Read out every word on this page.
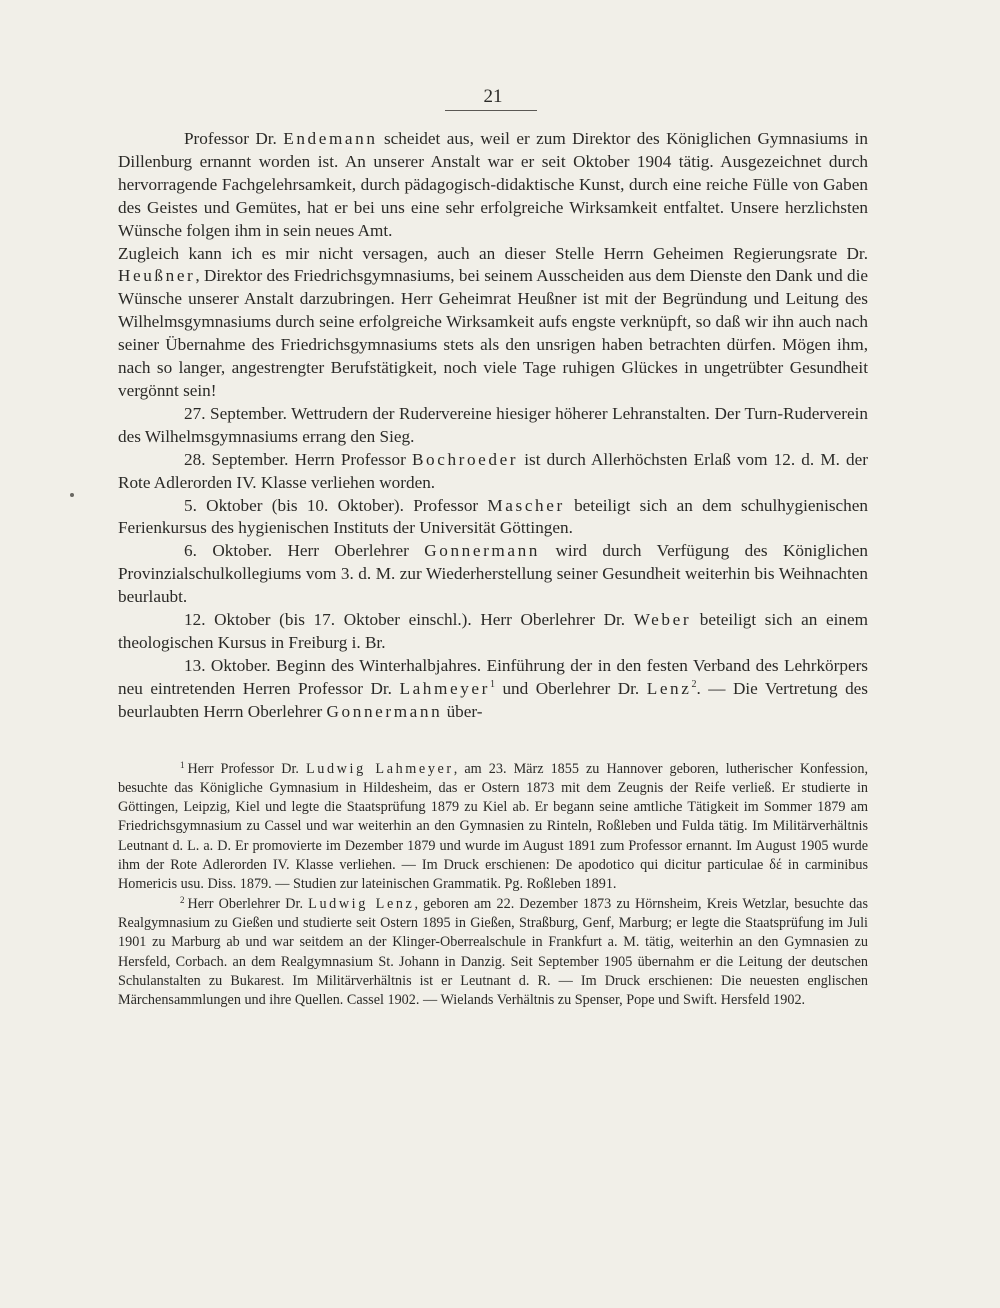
21

Professor Dr. Endemann scheidet aus, weil er zum Direktor des Königlichen Gymnasiums in Dillenburg ernannt worden ist. An unserer Anstalt war er seit Oktober 1904 tätig. Ausgezeichnet durch hervorragende Fachgelehrsamkeit, durch pädagogisch-didaktische Kunst, durch eine reiche Fülle von Gaben des Geistes und Gemütes, hat er bei uns eine sehr erfolgreiche Wirksamkeit entfaltet. Unsere herzlichsten Wünsche folgen ihm in sein neues Amt.

Zugleich kann ich es mir nicht versagen, auch an dieser Stelle Herrn Geheimen Regierungsrate Dr. Heußner, Direktor des Friedrichsgymnasiums, bei seinem Ausscheiden aus dem Dienste den Dank und die Wünsche unserer Anstalt darzubringen. Herr Geheimrat Heußner ist mit der Begründung und Leitung des Wilhelmsgymnasiums durch seine erfolgreiche Wirksamkeit aufs engste verknüpft, so daß wir ihn auch nach seiner Übernahme des Friedrichsgymnasiums stets als den unsrigen haben betrachten dürfen. Mögen ihm, nach so langer, angestrengter Berufstätigkeit, noch viele Tage ruhigen Glückes in ungetrübter Gesundheit vergönnt sein!

27. September. Wettrudern der Rudervereine hiesiger höherer Lehranstalten. Der Turn-Ruderverein des Wilhelmsgymnasiums errang den Sieg.

28. September. Herrn Professor Bochroeder ist durch Allerhöchsten Erlaß vom 12. d. M. der Rote Adlerorden IV. Klasse verliehen worden.

5. Oktober (bis 10. Oktober). Professor Mascher beteiligt sich an dem schulhygienischen Ferienkursus des hygienischen Instituts der Universität Göttingen.

6. Oktober. Herr Oberlehrer Gonnermann wird durch Verfügung des Königlichen Provinzialschulkollegiums vom 3. d. M. zur Wiederherstellung seiner Gesundheit weiterhin bis Weihnachten beurlaubt.

12. Oktober (bis 17. Oktober einschl.). Herr Oberlehrer Dr. Weber beteiligt sich an einem theologischen Kursus in Freiburg i. Br.

13. Oktober. Beginn des Winterhalbjahres. Einführung der in den festen Verband des Lehrkörpers neu eintretenden Herren Professor Dr. Lahmeyer$^1$ und Oberlehrer Dr. Lenz$^2$. — Die Vertretung des beurlaubten Herrn Oberlehrer Gonnermann über-

$^1$ Herr Professor Dr. Ludwig Lahmeyer, am 23. März 1855 zu Hannover geboren, lutherischer Konfession, besuchte das Königliche Gymnasium in Hildesheim, das er Ostern 1873 mit dem Zeugnis der Reife verließ. Er studierte in Göttingen, Leipzig, Kiel und legte die Staatsprüfung 1879 zu Kiel ab. Er begann seine amtliche Tätigkeit im Sommer 1879 am Friedrichsgymnasium zu Cassel und war weiterhin an den Gymnasien zu Rinteln, Roßleben und Fulda tätig. Im Militärverhältnis Leutnant d. L. a. D. Er promovierte im Dezember 1879 und wurde im August 1891 zum Professor ernannt. Im August 1905 wurde ihm der Rote Adlerorden IV. Klasse verliehen. — Im Druck erschienen: De apodotico qui dicitur particulae δέ in carminibus Homericis usu. Diss. 1879. — Studien zur lateinischen Grammatik. Pg. Roßleben 1891.

$^2$ Herr Oberlehrer Dr. Ludwig Lenz, geboren am 22. Dezember 1873 zu Hörnsheim, Kreis Wetzlar, besuchte das Realgymnasium zu Gießen und studierte seit Ostern 1895 in Gießen, Straßburg, Genf, Marburg; er legte die Staatsprüfung im Juli 1901 zu Marburg ab und war seitdem an der Klinger-Oberrealschule in Frankfurt a. M. tätig, weiterhin an den Gymnasien zu Hersfeld, Corbach. an dem Realgymnasium St. Johann in Danzig. Seit September 1905 übernahm er die Leitung der deutschen Schulanstalten zu Bukarest. Im Militärverhältnis ist er Leutnant d. R. — Im Druck erschienen: Die neuesten englischen Märchensammlungen und ihre Quellen. Cassel 1902. — Wielands Verhältnis zu Spenser, Pope und Swift. Hersfeld 1902.
